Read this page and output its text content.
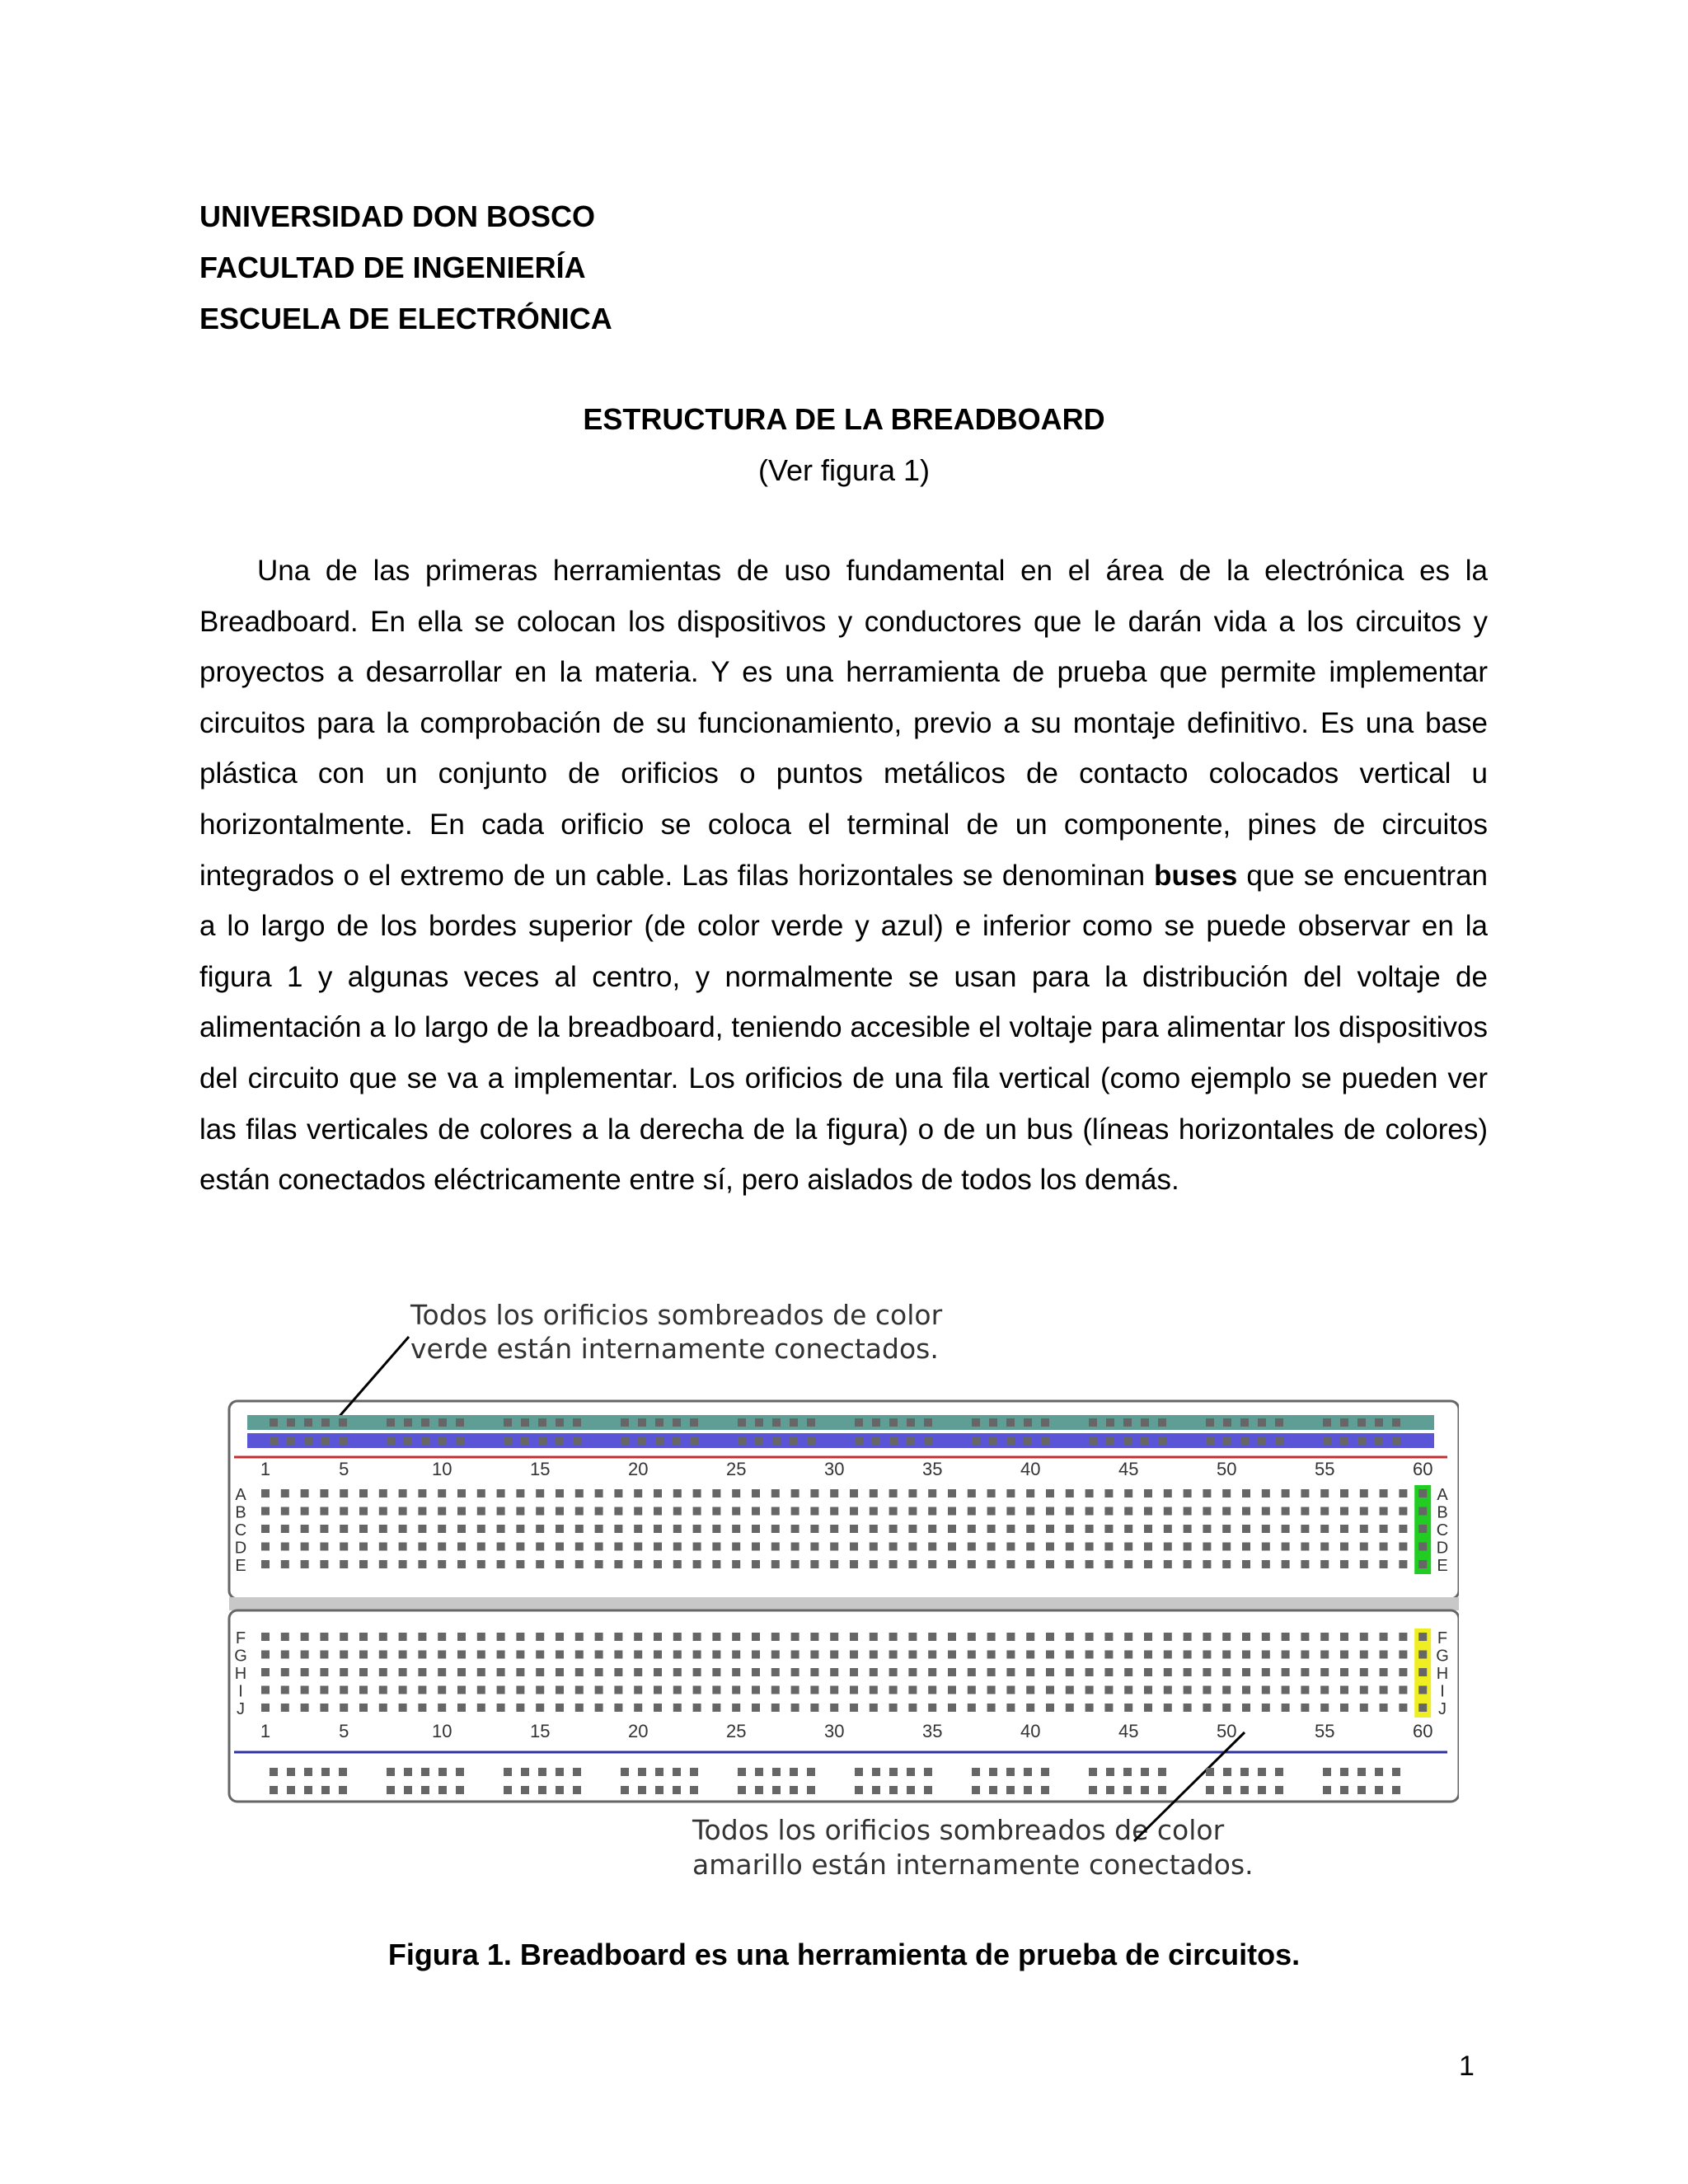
UNIVERSIDAD DON BOSCO
FACULTAD DE INGENIERÍA
ESCUELA DE ELECTRÓNICA
ESTRUCTURA DE LA BREADBOARD
(Ver figura 1)

Una de las primeras herramientas de uso fundamental en el área de la electrónica es la Breadboard. En ella se colocan los dispositivos y conductores que le darán vida a los circuitos y proyectos a desarrollar en la materia. Y es una herramienta de prueba que permite implementar circuitos para la comprobación de su funcionamiento, previo a su montaje definitivo. Es una base plástica con un conjunto de orificios o puntos metálicos de contacto colocados vertical u horizontalmente. En cada orificio se coloca el terminal de un componente, pines de circuitos integrados o el extremo de un cable. Las filas horizontales se denominan buses que se encuentran a lo largo de los bordes superior (de color verde y azul) e inferior como se puede observar en la figura 1 y algunas veces al centro, y normalmente se usan para la distribución del voltaje de alimentación a lo largo de la breadboard, teniendo accesible el voltaje para alimentar los dispositivos del circuito que se va a implementar. Los orificios de una fila vertical (como ejemplo se pueden ver las filas verticales de colores a la derecha de la figura) o de un bus (líneas horizontales de colores) están conectados eléctricamente entre sí, pero aislados de todos los demás.

Todos los orificios sombreados de color
verde están internamente conectados.
Todos los orificios sombreados de color
amarillo están internamente conectados.
1
1
5
5
10
10
15
15
20
20
25
25
30
30
35
35
40
40
45
45
50
50
55
55
60
60
A	A
B	B
C	C
D	D
E	E
F	F
G	G
H	H
I	I
J	J
Figura 1. Breadboard es una herramienta de prueba de circuitos.
1
